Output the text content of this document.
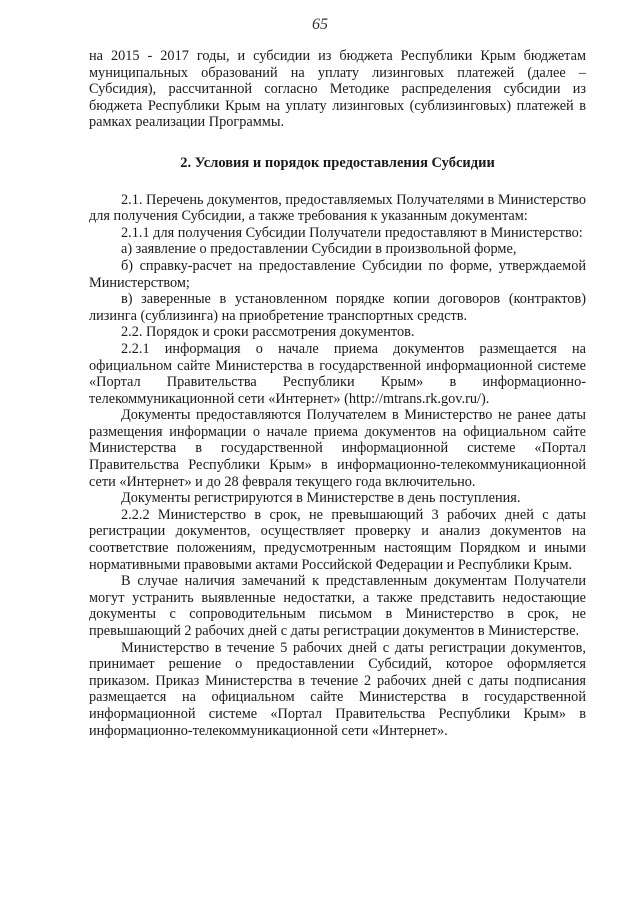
65

на 2015 - 2017 годы, и субсидии из бюджета Республики Крым бюджетам муниципальных образований на уплату лизинговых платежей (далее – Субсидия), рассчитанной согласно Методике распределения субсидии из бюджета Республики Крым на уплату лизинговых (сублизинговых) платежей в рамках реализации Программы.

2. Условия и порядок предоставления Субсидии

2.1. Перечень документов, предоставляемых Получателями в Министерство для получения Субсидии, а также требования к указанным документам:

2.1.1 для получения Субсидии Получатели предоставляют в Министерство:

а) заявление о предоставлении Субсидии в произвольной форме,

б) справку-расчет на предоставление Субсидии по форме, утверждаемой Министерством;

в) заверенные в установленном порядке копии договоров (контрактов) лизинга (сублизинга) на приобретение транспортных средств.

2.2. Порядок и сроки рассмотрения документов.

2.2.1 информация о начале приема документов размещается на официальном сайте Министерства в государственной информационной системе «Портал Правительства Республики Крым» в информационно-телекоммуникационной сети «Интернет» (http://mtrans.rk.gov.ru/).

Документы предоставляются Получателем в Министерство не ранее даты размещения информации о начале приема документов на официальном сайте Министерства в государственной информационной системе «Портал Правительства Республики Крым» в информационно-телекоммуникационной сети «Интернет» и до 28 февраля текущего года включительно.

Документы регистрируются в Министерстве в день поступления.

2.2.2 Министерство в срок, не превышающий 3 рабочих дней с даты регистрации документов, осуществляет проверку и анализ документов на соответствие положениям, предусмотренным настоящим Порядком и иными нормативными правовыми актами Российской Федерации и Республики Крым.

В случае наличия замечаний к представленным документам Получатели могут устранить выявленные недостатки, а также представить недостающие документы с сопроводительным письмом в Министерство в срок, не превышающий 2 рабочих дней с даты регистрации документов в Министерстве.

Министерство в течение 5 рабочих дней с даты регистрации документов, принимает решение о предоставлении Субсидий, которое оформляется приказом. Приказ Министерства в течение 2 рабочих дней с даты подписания размещается на официальном сайте Министерства в государственной информационной системе «Портал Правительства Республики Крым» в информационно-телекоммуникационной сети «Интернет».
